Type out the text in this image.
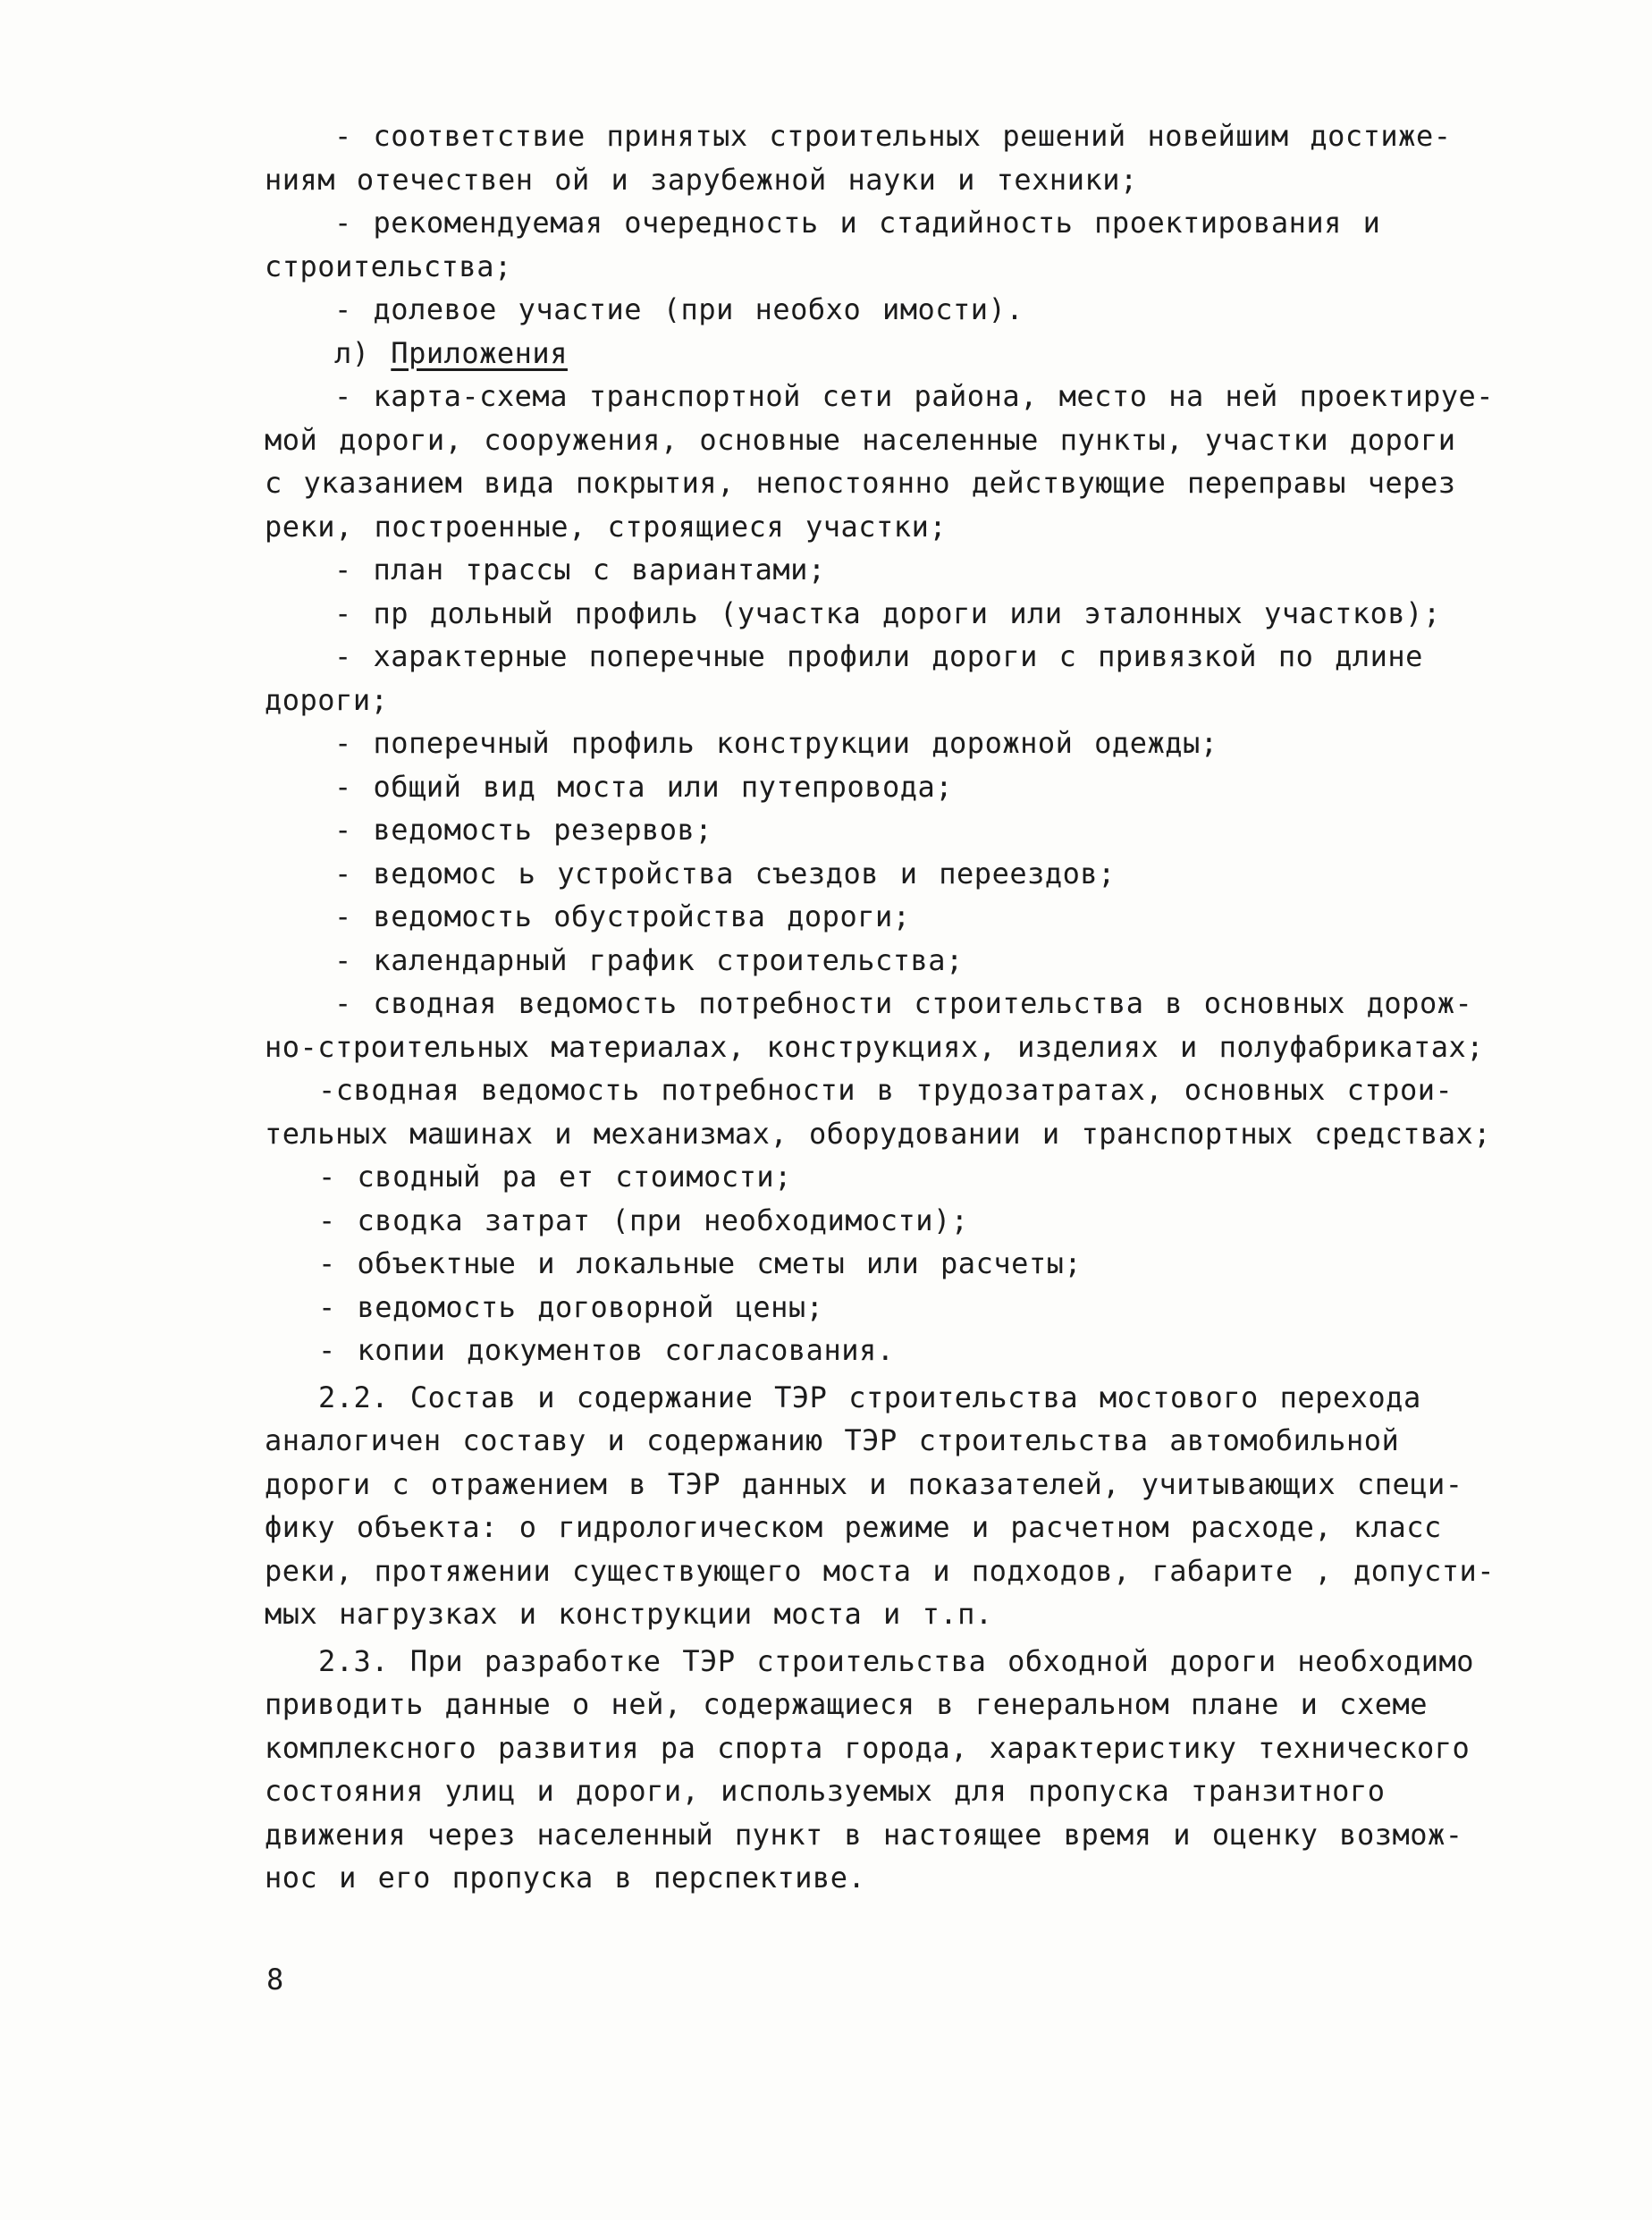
- соответствие принятых строительных решений новейшим достиже-
ниям отечествен ой и зарубежной науки и техники;
- рекомендуемая очередность и стадийность проектирования и
строительства;
- долевое участие (при необхо имости).
л) Приложения
- карта-схема транспортной сети района, место на ней проектируе-
мой дороги, сооружения, основные населенные пункты, участки дороги
с указанием вида покрытия, непостоянно действующие переправы через
реки, построенные, строящиеся участки;
- план трассы с вариантами;
- пр дольный профиль (участка дороги или эталонных участков);
- характерные поперечные профили дороги с привязкой по длине
дороги;
- поперечный профиль конструкции дорожной одежды;
- общий вид моста или путепровода;
- ведомость резервов;
- ведомос ь устройства съездов и переездов;
- ведомость обустройства дороги;
- календарный график строительства;
- сводная ведомость потребности строительства в основных дорож-
но-строительных материалах, конструкциях, изделиях и полуфабрикатах;
-сводная ведомость потребности в трудозатратах, основных строи-
тельных машинах и механизмах, оборудовании и транспортных средствах;
- сводный ра ет стоимости;
- сводка затрат (при необходимости);
- объектные и локальные сметы или расчеты;
- ведомость договорной цены;
- копии документов согласования.
2.2. Состав и содержание ТЭР строительства мостового перехода
аналогичен составу и содержанию ТЭР строительства автомобильной
дороги с отражением в ТЭР данных и показателей, учитывающих специ-
фику объекта: о гидрологическом режиме и расчетном расходе, класс
реки, протяжении существующего моста и подходов, габарите , допусти-
мых нагрузках и конструкции моста и т.п.
2.3. При разработке ТЭР строительства обходной дороги необходимо
приводить данные о ней, содержащиеся в генеральном плане и схеме
комплексного развития ра спорта города, характеристику технического
состояния улиц и дороги, используемых для пропуска транзитного
движения через населенный пункт в настоящее время и оценку возмож-
нос и его пропуска в перспективе.
8
